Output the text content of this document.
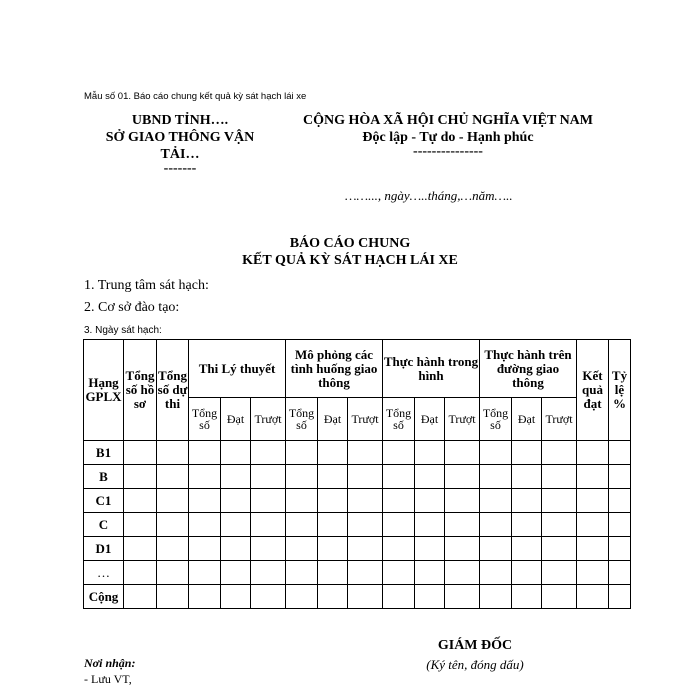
Mẫu số 01. Báo cáo chung kết quả kỳ sát hạch lái xe
UBND TỈNH….
SỞ GIAO THÔNG VẬN
TẢI…
-------
CỘNG HÒA XÃ HỘI CHỦ NGHĨA VIỆT NAM
Độc lập - Tự do - Hạnh phúc
---------------
……..., ngày…..tháng,…năm…..
BÁO CÁO CHUNG
KẾT QUẢ KỲ SÁT HẠCH LÁI XE
1. Trung tâm sát hạch:
2. Cơ sở đào tạo:
3. Ngày sát hạch:
Hạng GPLX	Tổng số hồ sơ	Tổng số dự thi	Thi Lý thuyết			Mô phỏng các tình huống giao thông			Thực hành trong hình			Thực hành trên đường giao thông			Kết quả đạt	Tỷ lệ %
			Tổng số	Đạt	Trượt	Tổng số	Đạt	Trượt	Tổng số	Đạt	Trượt	Tổng số	Đạt	Trượt		
B1																
B																
C1																
C																
D1																
…																
Cộng																
GIÁM ĐỐC
(Ký tên, đóng dấu)
Nơi nhận:
- Lưu VT,
